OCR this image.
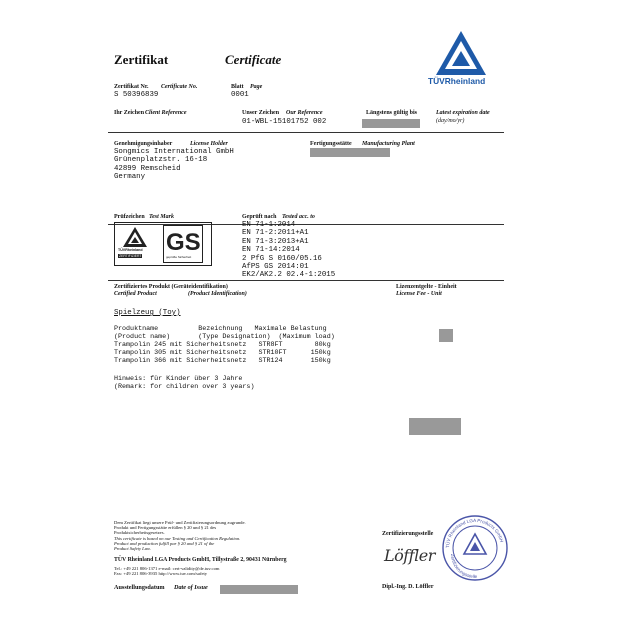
Zertifikat	Certificate
TÜVRheinland
Zertifikat Nr. Certificate No.
S 50396839
Blatt Page
0001
Ihr Zeichen Client Reference	Unser Zeichen Our Reference
01-WBL-15101752 002
Längstens gültig bis	Latest expiration date
(day/mo/yr)
Genehmigungsinhaber	License Holder
Songmics International GmbH
Grünenplatzstr. 16-18
42899 Remscheid
Germany
Fertigungsstätte Manufacturing Plant
Prüfzeichen Test Mark
TÜVRheinland
ZERTIFIZIERT GS
geprüfte Sicherheit
Geprüft nach Tested acc. to
EN 71-1:2014
EN 71-2:2011+A1
EN 71-3:2013+A1
EN 71-14:2014
2 PfG S 0160/05.16
AfPS GS 2014:01
EK2/AK2.2 02.4-1:2015
Zertifiziertes Produkt (Geräteidentifikation)
Certified Product	(Product Identification)
Lizenzentgelte - Einheit
License Fee - Unit
Spielzeug (Toy)
Produktname          Bezeichnung   Maximale Belastung
(Product name)       (Type Designation)  (Maximum load)
Trampolin 245 mit Sicherheitsnetz   STR8FT        80kg
Trampolin 305 mit Sicherheitsnetz   STR10FT      150kg
Trampolin 366 mit Sicherheitsnetz   STR124       150kg
Hinweis: für Kinder über 3 Jahre
(Remark: for children over 3 years)
Dem Zertifikat liegt unsere Prüf- und Zertifizierungsordnung zugrunde.
Produkt und Fertigungsstätte erfüllen § 20 und § 21 des
Produktsicherheitsgesetzes.
This certificate is based on our Testing and Certification Regulation.
Product and production fulfill par § 20 and § 21 of the
Product Safety Law.
TÜV Rheinland LGA Products GmbH, Tillystraße 2, 90431 Nürnberg
Tel.: +49 221 806-1371 e-mail: cert-validity@de.tuv.com
Fax: +49 221 806-3935 http://www.tuv.com/safety
Ausstellungsdatum Date of Issue
Zertifizierungsstelle
Löffler
Dipl.-Ing. D. Löffler
TÜV Rheinland LGA Products GmbH
Zertifizierungsstelle
